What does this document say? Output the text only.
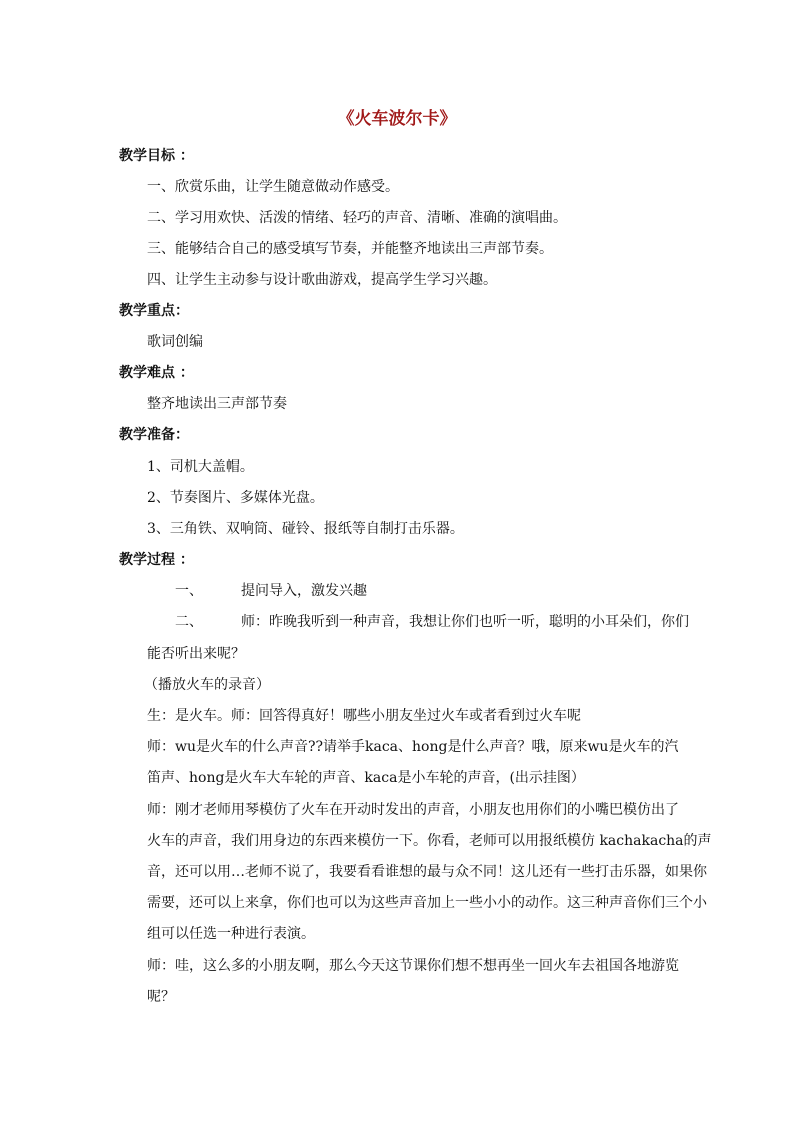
《火车波尔卡》
教学目标 ：
一、欣赏乐曲，让学生随意做动作感受。
二、学习用欢快、活泼的情绪、轻巧的声音、清晰、准确的演唱曲。
三、能够结合自己的感受填写节奏，并能整齐地读出三声部节奏。
四、让学生主动参与设计歌曲游戏，提高学生学习兴趣。
教学重点：
歌词创编
教学难点 ：
整齐地读出三声部节奏
教学准备：
1、司机大盖帽。
2、节奏图片、多媒体光盘。
3、三角铁、双响筒、碰铃、报纸等自制打击乐器。
教学过程 ：
一、	提问导入，激发兴趣
二、	师：昨晚我听到一种声音，我想让你们也听一听，聪明的小耳朵们，你们
能否听出来呢？
（播放火车的录音）
生：是火车。师：回答得真好！哪些小朋友坐过火车或者看到过火车呢
师：wu是火车的什么声音??请举手kaca、hong是什么声音？哦，原来wu是火车的汽
笛声、hong是火车大车轮的声音、kaca是小车轮的声音，(出示挂图）
师：刚才老师用琴模仿了火车在开动时发出的声音，小朋友也用你们的小嘴巴模仿出了
火车的声音，我们用身边的东西来模仿一下。你看，老师可以用报纸模仿 kachakacha的声
音，还可以用…老师不说了，我要看看谁想的最与众不同！这儿还有一些打击乐器，如果你
需要，还可以上来拿，你们也可以为这些声音加上一些小小的动作。这三种声音你们三个小
组可以任选一种进行表演。
师：哇，这么多的小朋友啊，那么今天这节课你们想不想再坐一回火车去祖国各地游览
呢？
